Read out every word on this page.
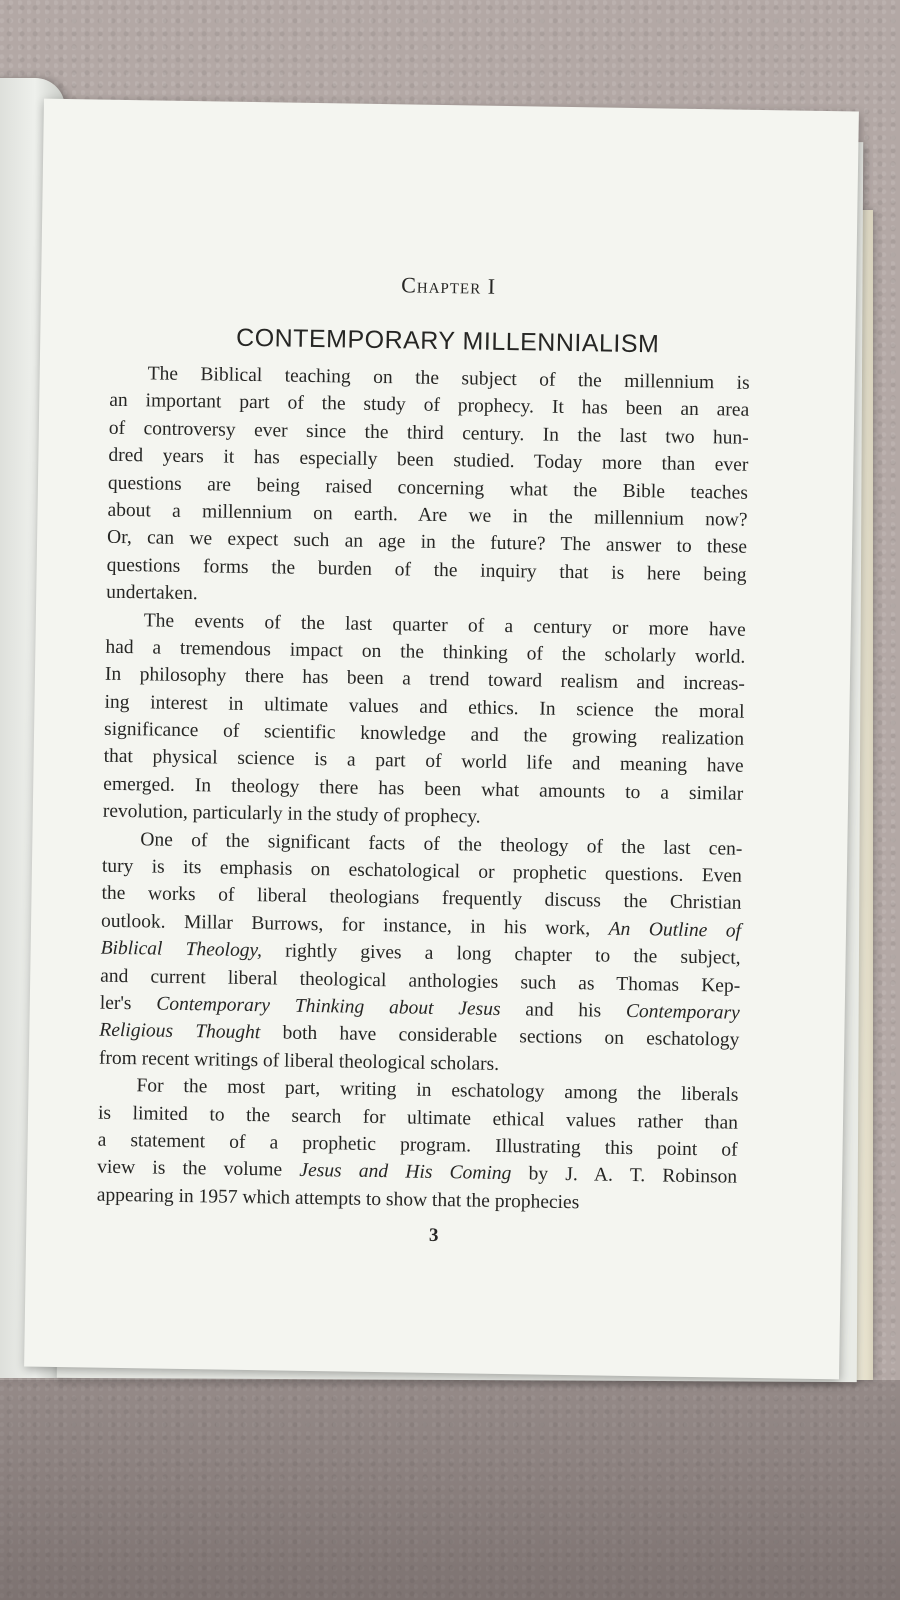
Chapter I
CONTEMPORARY MILLENNIALISM
The Biblical teaching on the subject of the millennium is
an important part of the study of prophecy. It has been an area
of controversy ever since the third century. In the last two hun-
dred years it has especially been studied. Today more than ever
questions are being raised concerning what the Bible teaches
about a millennium on earth. Are we in the millennium now?
Or, can we expect such an age in the future? The answer to these
questions forms the burden of the inquiry that is here being
undertaken.
The events of the last quarter of a century or more have
had a tremendous impact on the thinking of the scholarly world.
In philosophy there has been a trend toward realism and increas-
ing interest in ultimate values and ethics. In science the moral
significance of scientific knowledge and the growing realization
that physical science is a part of world life and meaning have
emerged. In theology there has been what amounts to a similar
revolution, particularly in the study of prophecy.
One of the significant facts of the theology of the last cen-
tury is its emphasis on eschatological or prophetic questions. Even
the works of liberal theologians frequently discuss the Christian
outlook. Millar Burrows, for instance, in his work, An Outline of
Biblical Theology, rightly gives a long chapter to the subject,
and current liberal theological anthologies such as Thomas Kep-
ler's Contemporary Thinking about Jesus and his Contemporary
Religious Thought both have considerable sections on eschatology
from recent writings of liberal theological scholars.
For the most part, writing in eschatology among the liberals
is limited to the search for ultimate ethical values rather than
a statement of a prophetic program. Illustrating this point of
view is the volume Jesus and His Coming by J. A. T. Robinson
appearing in 1957 which attempts to show that the prophecies
3
